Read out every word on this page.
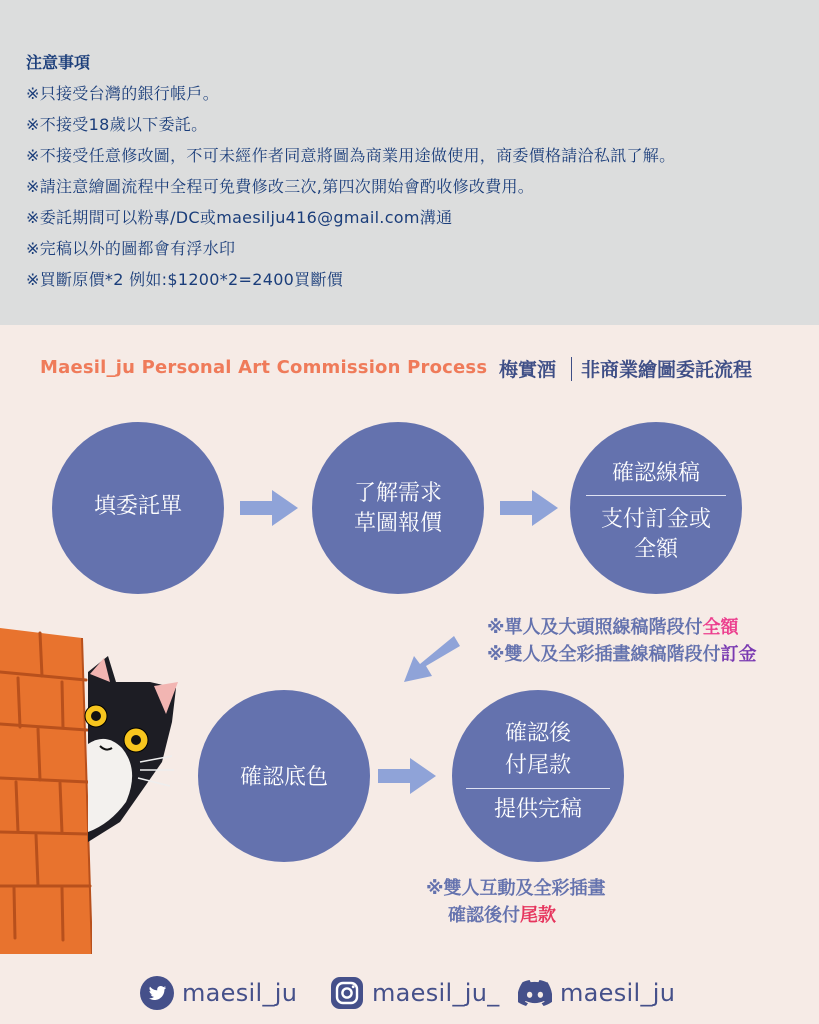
注意事項
※只接受台灣的銀行帳戶。
※不接受18歲以下委託。
※不接受任意修改圖，不可未經作者同意將圖為商業用途做使用，商委價格請洽私訊了解。
※請注意繪圖流程中全程可免費修改三次,第四次開始會酌收修改費用。
※委託期間可以粉專/DC或maesilju416@gmail.com溝通
※完稿以外的圖都會有浮水印
※買斷原價*2 例如:$1200*2=2400買斷價
Maesil_ju Personal Art Commission Process 梅實酒 非商業繪圖委託流程
填委託單
了解需求
草圖報價
確認線稿
支付訂金或
全額
確認底色
確認後
付尾款
提供完稿
※單人及大頭照線稿階段付全額
※雙人及全彩插畫線稿階段付訂金
※雙人互動及全彩插畫
確認後付尾款
maesil_ju	maesil_ju_	maesil_ju
